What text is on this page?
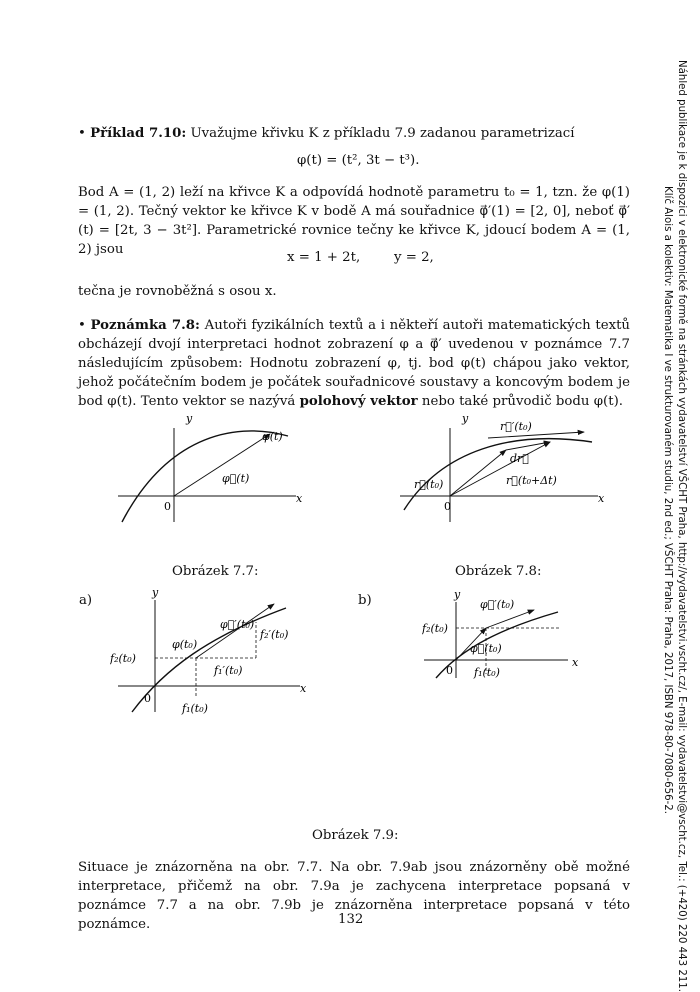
Náhled publikace je k dispozici v elektronické formě na stránkách vydavatelství VŠCHT Praha, http://vydavatelstvi.vscht.cz/, E-mail: vydavatelstvi@vscht.cz, Tel.: (+420) 220 443 211.
Klíč Alois a kolektiv: Matematika I ve strukturovaném studiu, 2nd ed.; VŠCHT Praha: Praha, 2017, ISBN 978-80-7080-656-2.
• Příklad 7.10: Uvažujme křivku K z příkladu 7.9 zadanou parametrizací
φ(t) = (t², 3t − t³).
Bod A = (1, 2) leží na křivce K a odpovídá hodnotě parametru t₀ = 1, tzn. že φ(1) = (1, 2). Tečný vektor ke křivce K v bodě A má souřadnice φ⃗′(1) = [2, 0], neboť φ⃗′(t) = [2t, 3 − 3t²]. Parametrické rovnice tečny ke křivce K, jdoucí bodem A = (1, 2) jsou
x = 1 + 2t,        y = 2,
tečna je rovnoběžná s osou x.
• Poznámka 7.8: Autoři fyzikálních textů a i někteří autoři matematických textů obcházejí dvojí interpretaci hodnot zobrazení φ a φ⃗′ uvedenou v poznámce 7.7 následujícím způsobem: Hodnotu zobrazení φ, tj. bod φ(t) chápou jako vektor, jehož počátečním bodem je počátek souřadnicové soustavy a koncovým bodem je bod φ(t). Tento vektor se nazývá polohový vektor nebo také průvodič bodu φ(t).
y
x
0
φ(t)
φ⃗(t)
y
x
0
r⃗′(t₀)
dr⃗
r⃗(t₀)	r⃗(t₀+Δt)
Obrázek 7.7:	Obrázek 7.8:
a)	b)
y
x
0
φ⃗′(t₀)
φ(t₀)
f₂′(t₀)
f₁′(t₀)
f₂(t₀)
f₁(t₀)
y
x
0
φ⃗′(t₀)
f₂(t₀)
φ⃗(t₀)
f₁(t₀)
Obrázek 7.9:
Situace je znázorněna na obr. 7.7. Na obr. 7.9ab jsou znázorněny obě možné interpretace, přičemž na obr. 7.9a je zachycena interpretace popsaná v poznámce 7.7 a na obr. 7.9b je znázorněna interpretace popsaná v této poznámce.	132
